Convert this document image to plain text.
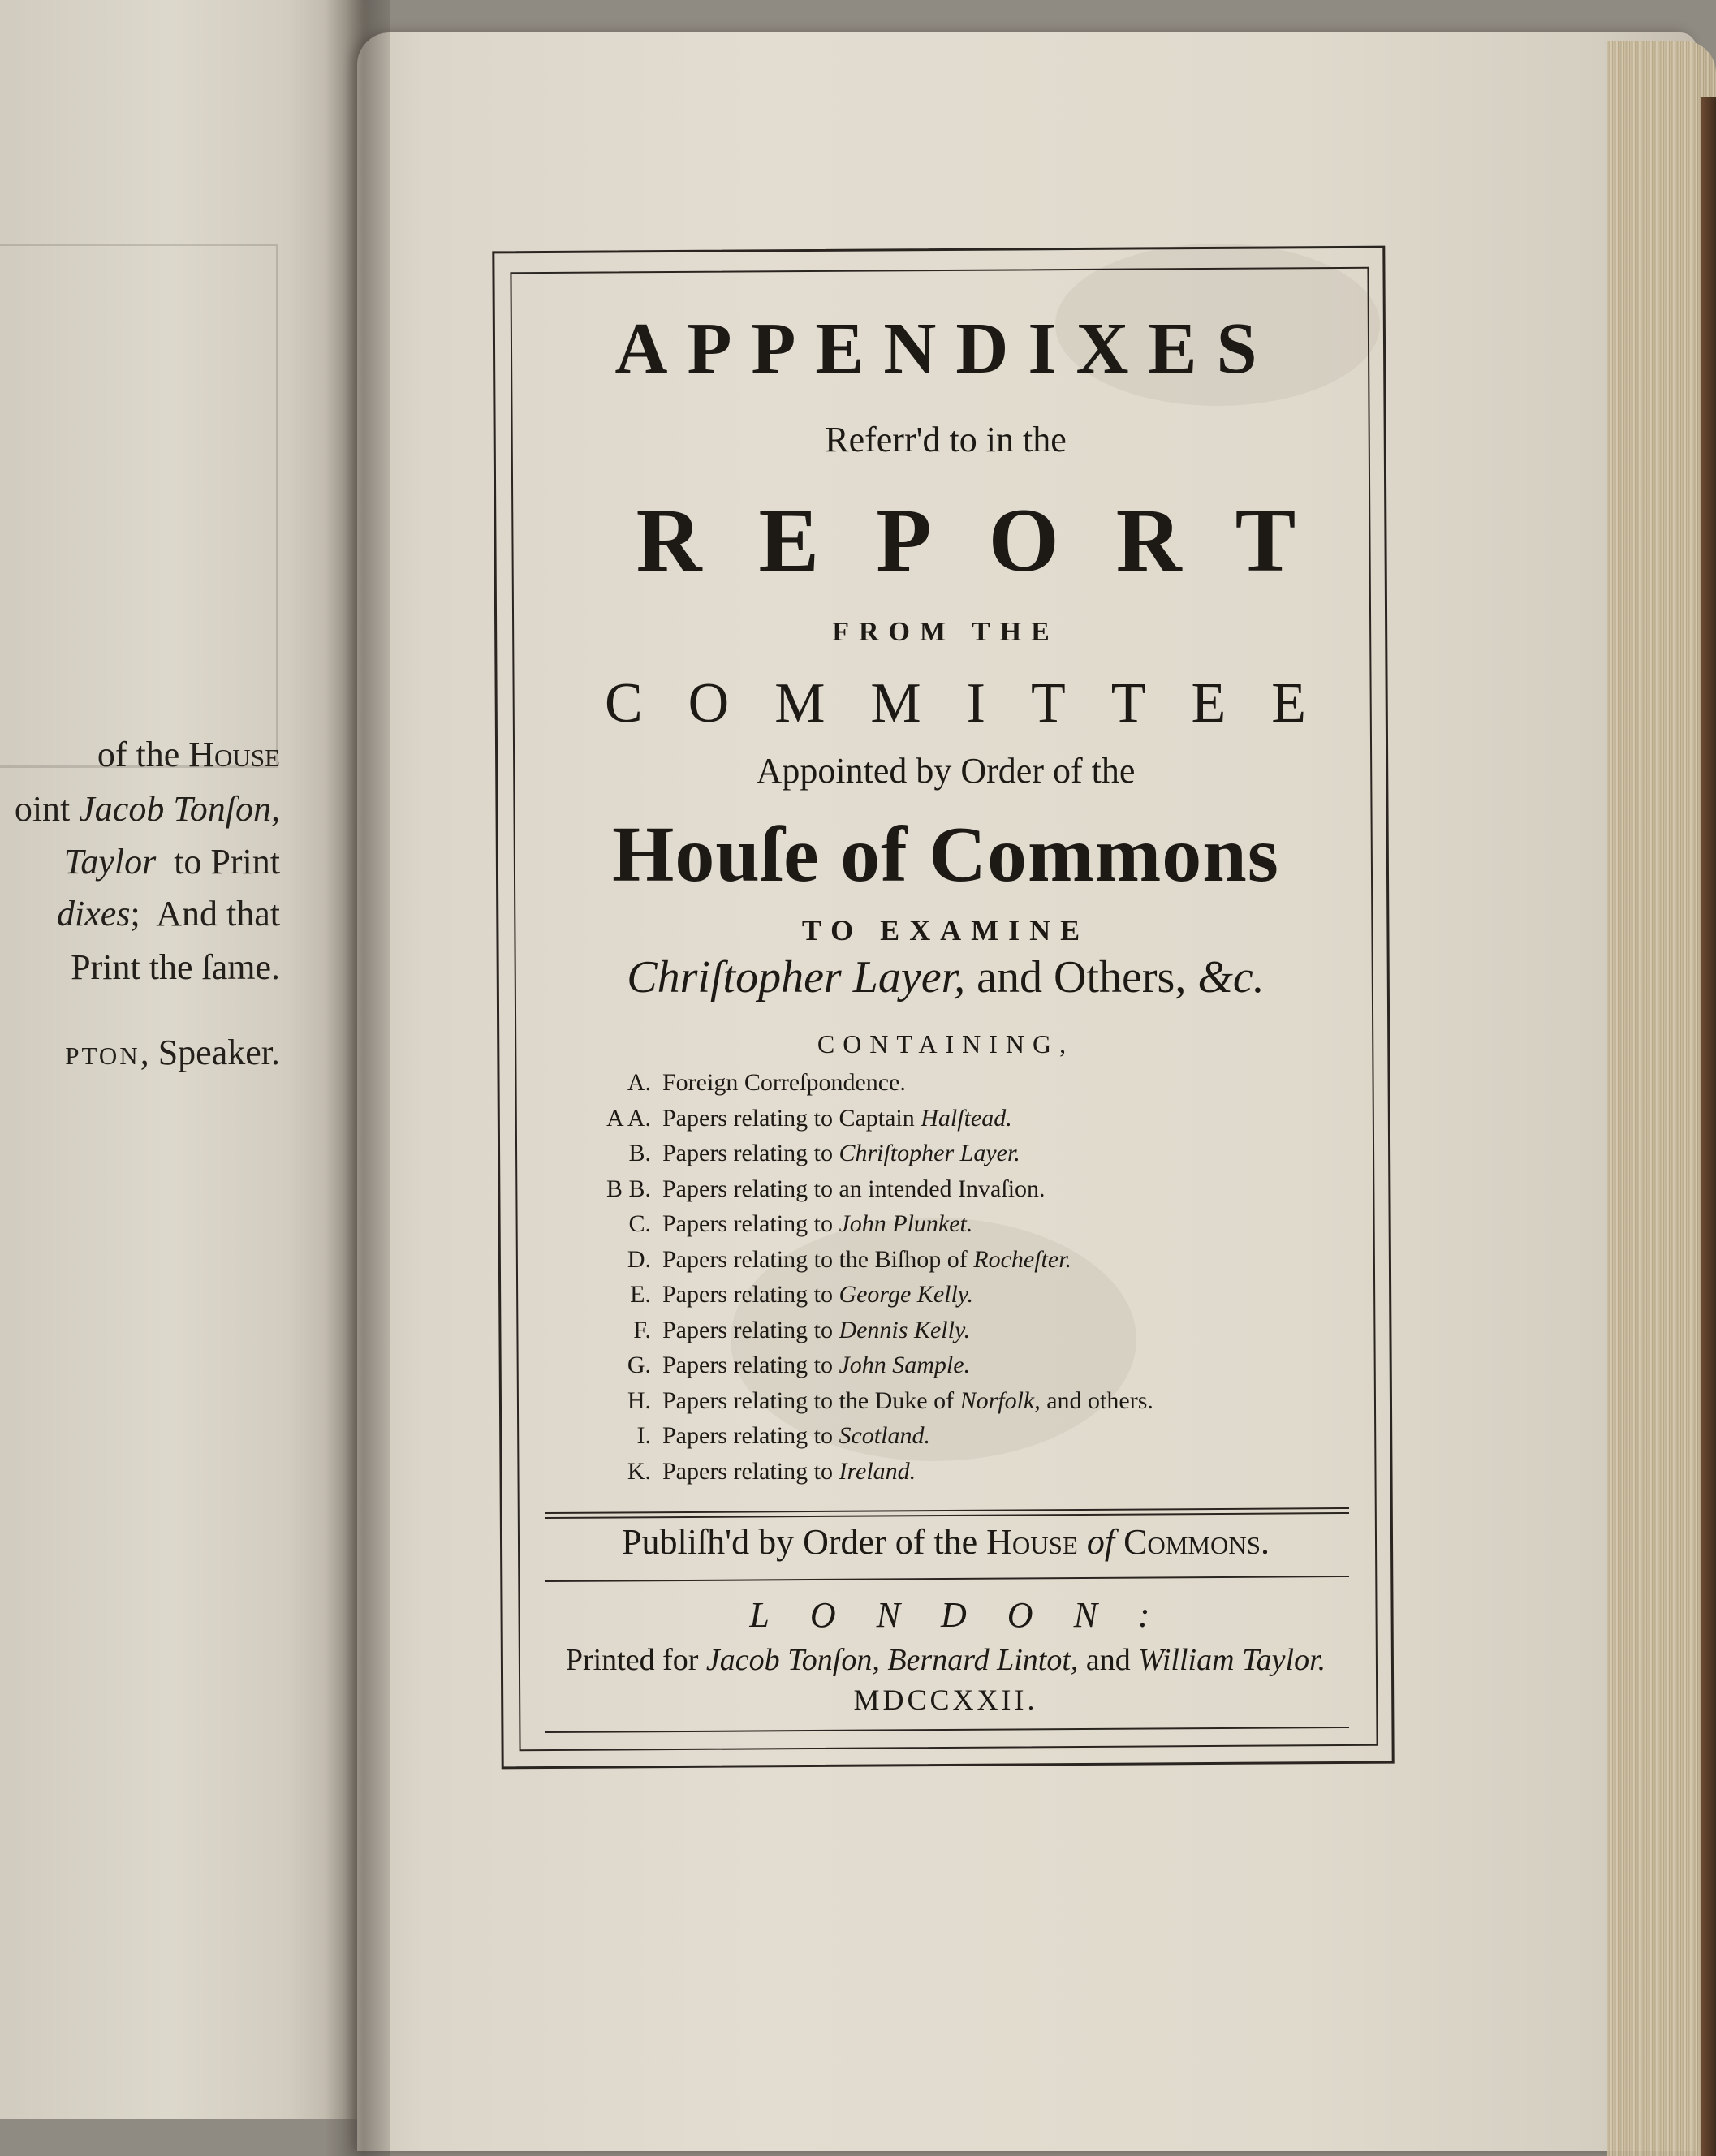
of the House
oint Jacob Tonſon,
Taylor  to Print
dixes;  And that
Print the ſame.
pton, Speaker.
APPENDIXES
Referr'd to in the
REPORT
FROM THE
COMMITTEE
Appointed by Order of the
Houſe of Commons
TO EXAMINE
Chriſtopher Layer, and Others, &c.
CONTAINING,
A. Foreign Correſpondence.
A A. Papers relating to Captain Halſtead.
B. Papers relating to Chriſtopher Layer.
B B. Papers relating to an intended Invaſion.
C. Papers relating to John Plunket.
D. Papers relating to the Biſhop of Rocheſter.
E. Papers relating to George Kelly.
F. Papers relating to Dennis Kelly.
G. Papers relating to John Sample.
H. Papers relating to the Duke of Norfolk, and others.
I. Papers relating to Scotland.
K. Papers relating to Ireland.
Publiſh'd by Order of the House of Commons.
LONDON:
Printed for Jacob Tonſon, Bernard Lintot, and William Taylor.
MDCCXXII.
